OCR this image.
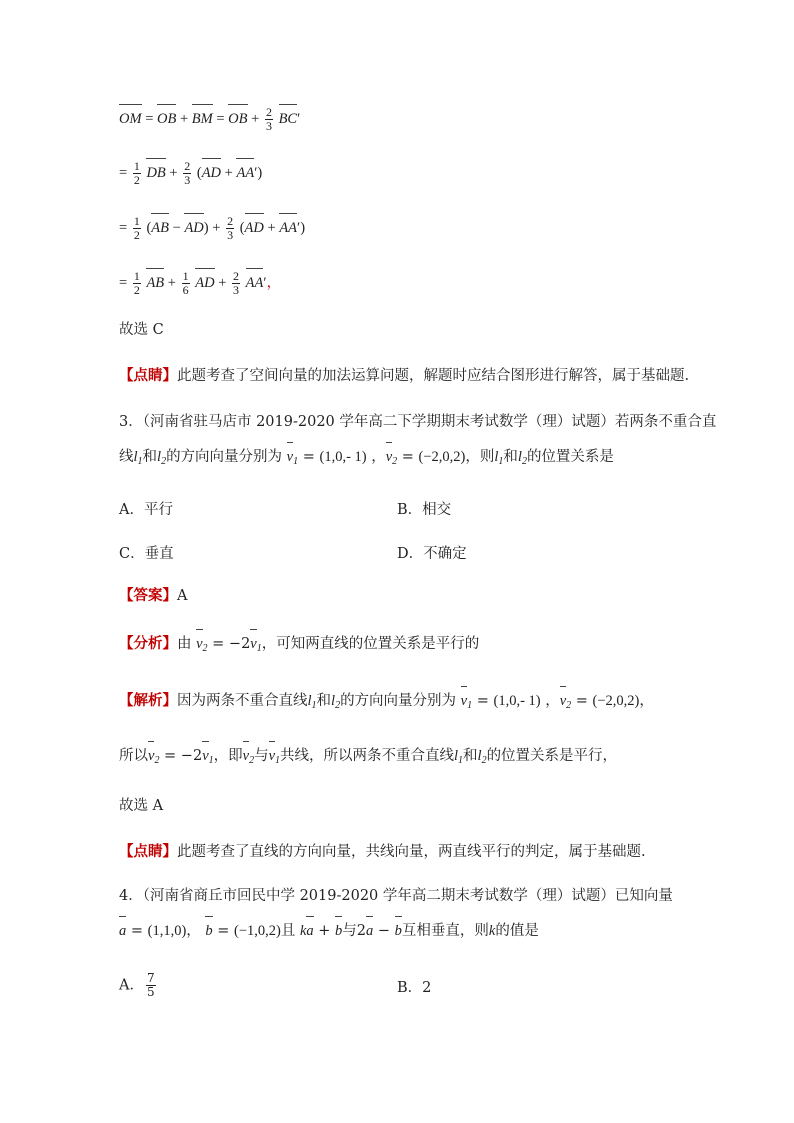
OM = OB + BM = OB + $\frac{2}{3} BC'$
= $\frac{1}{2}$ DB + $\frac{2}{3} (AD + AA')$
= $\frac{1}{2} (AB - AD) + \frac{2}{3} (AD + AA')$
= $\frac{1}{2}$ AB + $\frac{1}{6}$ AD + $\frac{2}{3} AA'$，
故选 C
【点睛】此题考查了空间向量的加法运算问题，解题时应结合图形进行解答，属于基础题.
3．（河南省驻马店市 2019-2020 学年高二下学期期末考试数学（理）试题）若两条不重合直
线$l_1$和$l_2$的方向向量分别为 $v_1 = (1,0,-$ 1) ，$v_2 = (-2,0,2)$，则$l_1$和$l_2$的位置关系是
A．平行	B．相交
C．垂直	D．不确定
【答案】A
【分析】由 $v_2 = -2v_1$，可知两直线的位置关系是平行的
【解析】因为两条不重合直线$l_1$和$l_2$的方向向量分别为 $v_1 = (1,0,-$ 1) ，$v_2 = (-2,0,2)$，
所以$v_2 = -2v_1$，即$v_2$与$v_1$共线，所以两条不重合直线$l_1$和$l_2$的位置关系是平行，
故选 A
【点睛】此题考查了直线的方向向量，共线向量，两直线平行的判定，属于基础题.
4．（河南省商丘市回民中学 2019-2020 学年高二期末考试数学（理）试题）已知向量
a = (1,1,0)， b = (−1,0,2)且 ka + b与2a − b互相垂直，则k的值是
A． $\frac{7}{5}$	B．2
